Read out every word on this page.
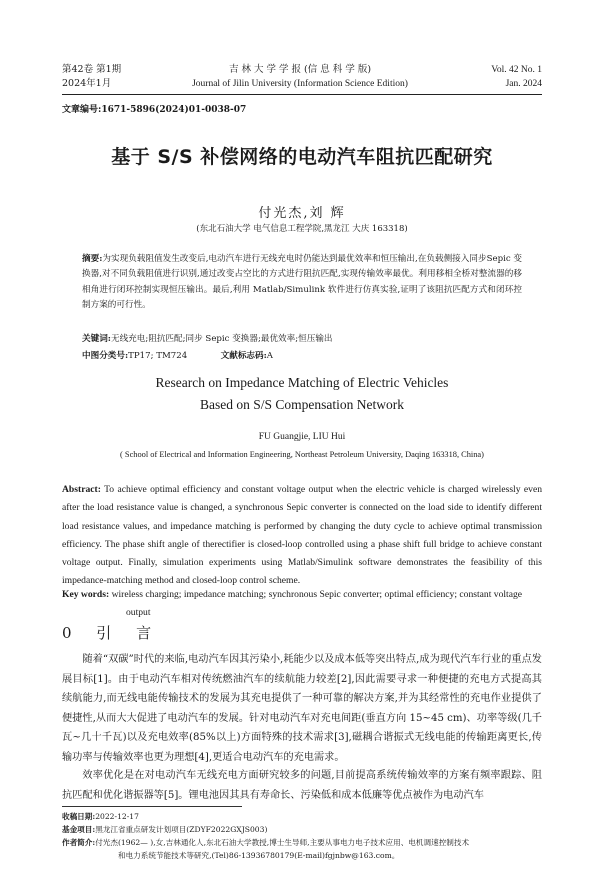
第42卷 第1期
2024年1月
吉 林 大 学 学 报 (信 息 科 学 版)
Journal of Jilin University (Information Science Edition)
Vol. 42 No. 1
Jan. 2024
文章编号:1671-5896(2024)01-0038-07
基于 S/S 补偿网络的电动汽车阻抗匹配研究
付光杰,刘 辉
(东北石油大学 电气信息工程学院,黑龙江 大庆 163318)
摘要:为实现负载阻值发生改变后,电动汽车进行无线充电时仍能达到最优效率和恒压输出,在负载侧接入同步Sepic 变换器,对不同负载阻值进行识别,通过改变占空比的方式进行阻抗匹配,实现传输效率最优。利用移相全桥对整流器的移相角进行闭环控制实现恒压输出。最后,利用 Matlab/Simulink 软件进行仿真实验,证明了该阻抗匹配方式和闭环控制方案的可行性。
关键词:无线充电;阻抗匹配;同步 Sepic 变换器;最优效率;恒压输出
中图分类号:TP17; TM724	文献标志码:A
Research on Impedance Matching of Electric Vehicles
Based on S/S Compensation Network
FU Guangjie, LIU Hui
( School of Electrical and Information Engineering, Northeast Petroleum University, Daqing 163318, China)
Abstract: To achieve optimal efficiency and constant voltage output when the electric vehicle is charged wirelessly even after the load resistance value is changed, a synchronous Sepic converter is connected on the load side to identify different load resistance values, and impedance matching is performed by changing the duty cycle to achieve optimal transmission efficiency. The phase shift angle of therectifier is closed-loop controlled using a phase shift full bridge to achieve constant voltage output. Finally, simulation experiments using Matlab/Simulink software demonstrates the feasibility of this impedance-matching method and closed-loop control scheme.
Key words: wireless charging; impedance matching; synchronous Sepic converter; optimal efficiency; constant voltage output
0 引 言
随着“双碳”时代的来临,电动汽车因其污染小,耗能少以及成本低等突出特点,成为现代汽车行业的重点发展目标[1]。由于电动汽车相对传统燃油汽车的续航能力较差[2],因此需要寻求一种便捷的充电方式提高其续航能力,而无线电能传输技术的发展为其充电提供了一种可靠的解决方案,并为其经常性的充电作业提供了便捷性,从而大大促进了电动汽车的发展。针对电动汽车对充电间距(垂直方向 15~45 cm)、功率等级(几千瓦~几十千瓦)以及充电效率(85%以上)方面特殊的技术需求[3],磁耦合谐振式无线电能的传输距离更长,传输功率与传输效率也更为理想[4],更适合电动汽车的充电需求。
效率优化是在对电动汽车无线充电方面研究较多的问题,目前提高系统传输效率的方案有频率跟踪、阻抗匹配和优化谐振器等[5]。锂电池因其具有寿命长、污染低和成本低廉等优点被作为电动汽车
收稿日期:2022-12-17
基金项目:黑龙江省重点研发计划项目(ZDYF2022GXJS003)
作者简介:付光杰(1962— ),女,吉林通化人,东北石油大学教授,博士生导师,主要从事电力电子技术应用、电机调速控制技术
和电力系统节能技术等研究,(Tel)86-13936780179(E-mail)fgjnbw@163.com。
